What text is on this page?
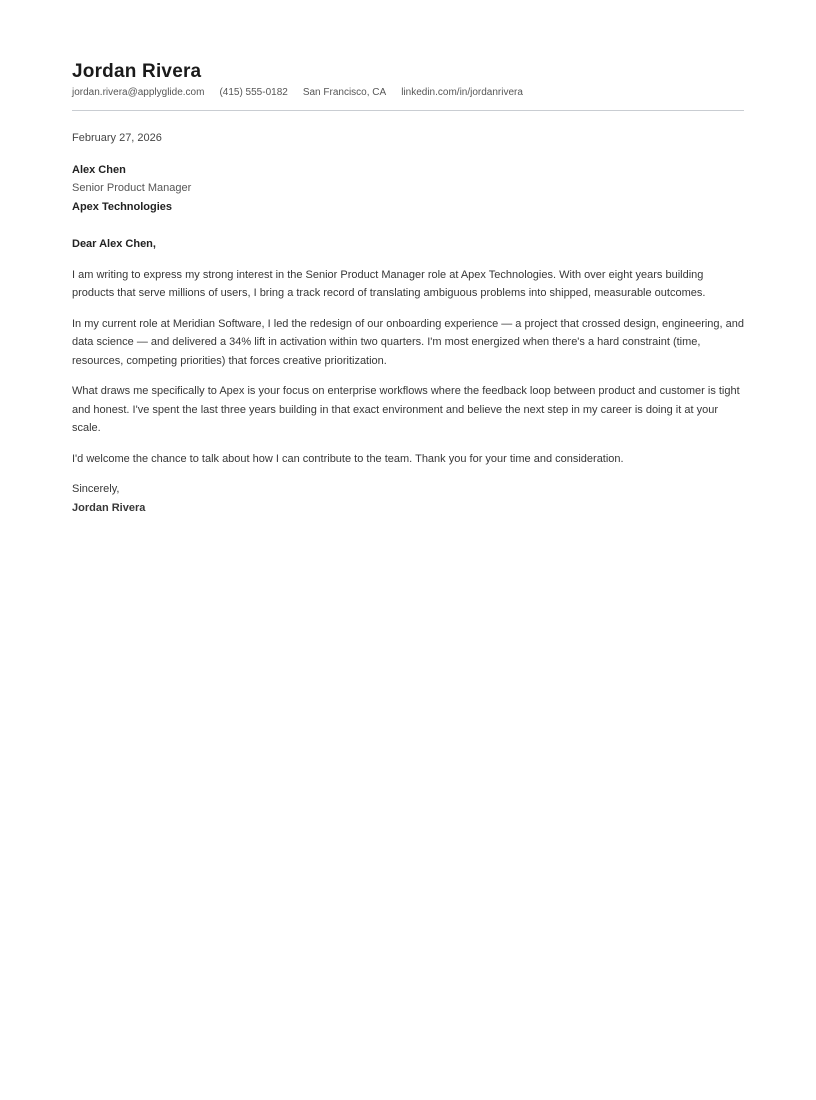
Jordan Rivera
jordan.rivera@applyglide.com (415) 555-0182 San Francisco, CA linkedin.com/in/jordanrivera

February 27, 2026

Alex Chen

Senior Product Manager

Apex Technologies

Dear Alex Chen,

I am writing to express my strong interest in the Senior Product Manager role at Apex Technologies. With over eight years building products that serve millions of users, I bring a track record of translating ambiguous problems into shipped, measurable outcomes.

In my current role at Meridian Software, I led the redesign of our onboarding experience — a project that crossed design, engineering, and data science — and delivered a 34% lift in activation within two quarters. I'm most energized when there's a hard constraint (time, resources, competing priorities) that forces creative prioritization.

What draws me specifically to Apex is your focus on enterprise workflows where the feedback loop between product and customer is tight and honest. I've spent the last three years building in that exact environment and believe the next step in my career is doing it at your scale.

I'd welcome the chance to talk about how I can contribute to the team. Thank you for your time and consideration.

Sincerely,

Jordan Rivera
